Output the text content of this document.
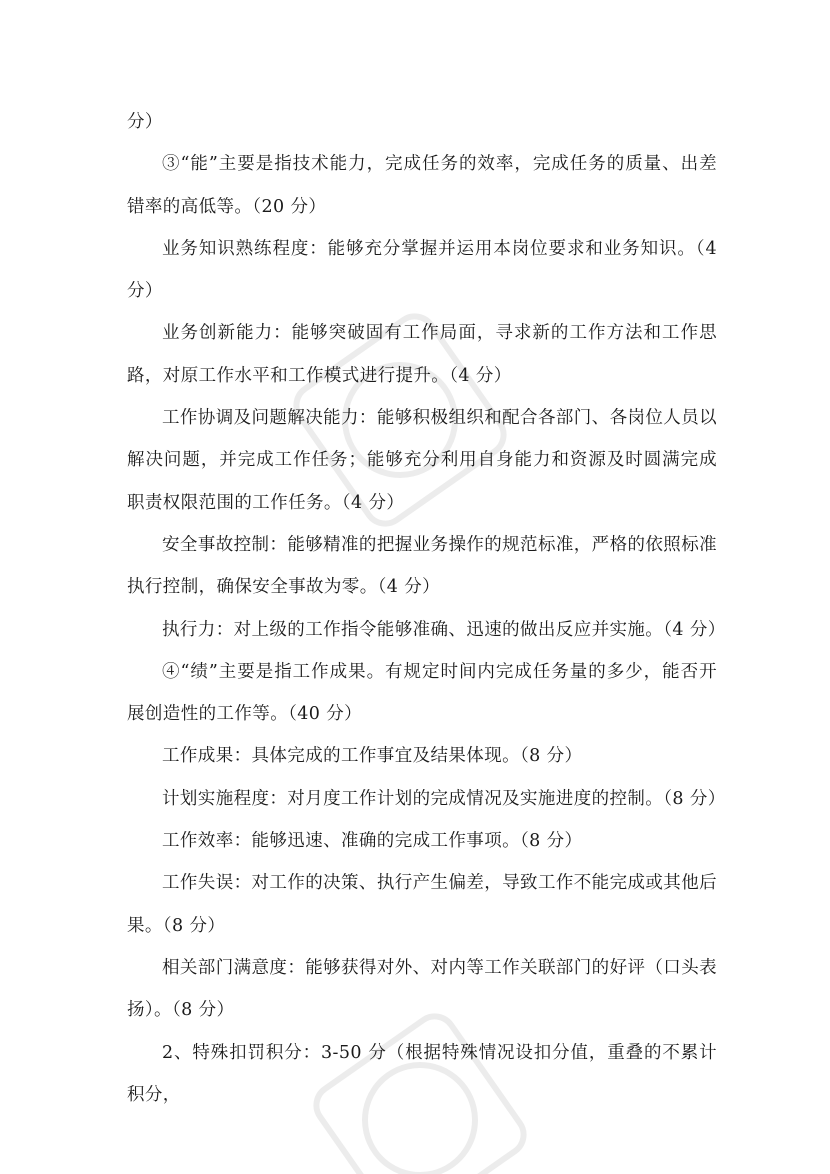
分）

③“能”主要是指技术能力，完成任务的效率，完成任务的质量、出差错率的高低等。（20 分）

业务知识熟练程度：能够充分掌握并运用本岗位要求和业务知识。（4 分）

业务创新能力：能够突破固有工作局面，寻求新的工作方法和工作思路，对原工作水平和工作模式进行提升。（4 分）

工作协调及问题解决能力：能够积极组织和配合各部门、各岗位人员以解决问题，并完成工作任务；能够充分利用自身能力和资源及时圆满完成职责权限范围的工作任务。（4 分）

安全事故控制：能够精准的把握业务操作的规范标准，严格的依照标准执行控制，确保安全事故为零。（4 分）

执行力：对上级的工作指令能够准确、迅速的做出反应并实施。（4 分）

④“绩”主要是指工作成果。有规定时间内完成任务量的多少，能否开展创造性的工作等。（40 分）

工作成果：具体完成的工作事宜及结果体现。（8 分）

计划实施程度：对月度工作计划的完成情况及实施进度的控制。（8 分）

工作效率：能够迅速、准确的完成工作事项。（8 分）

工作失误：对工作的决策、执行产生偏差，导致工作不能完成或其他后果。（8 分）

相关部门满意度：能够获得对外、对内等工作关联部门的好评（口头表扬）。（8 分）

2、特殊扣罚积分：3-50 分（根据特殊情况设扣分值，重叠的不累计积分，
